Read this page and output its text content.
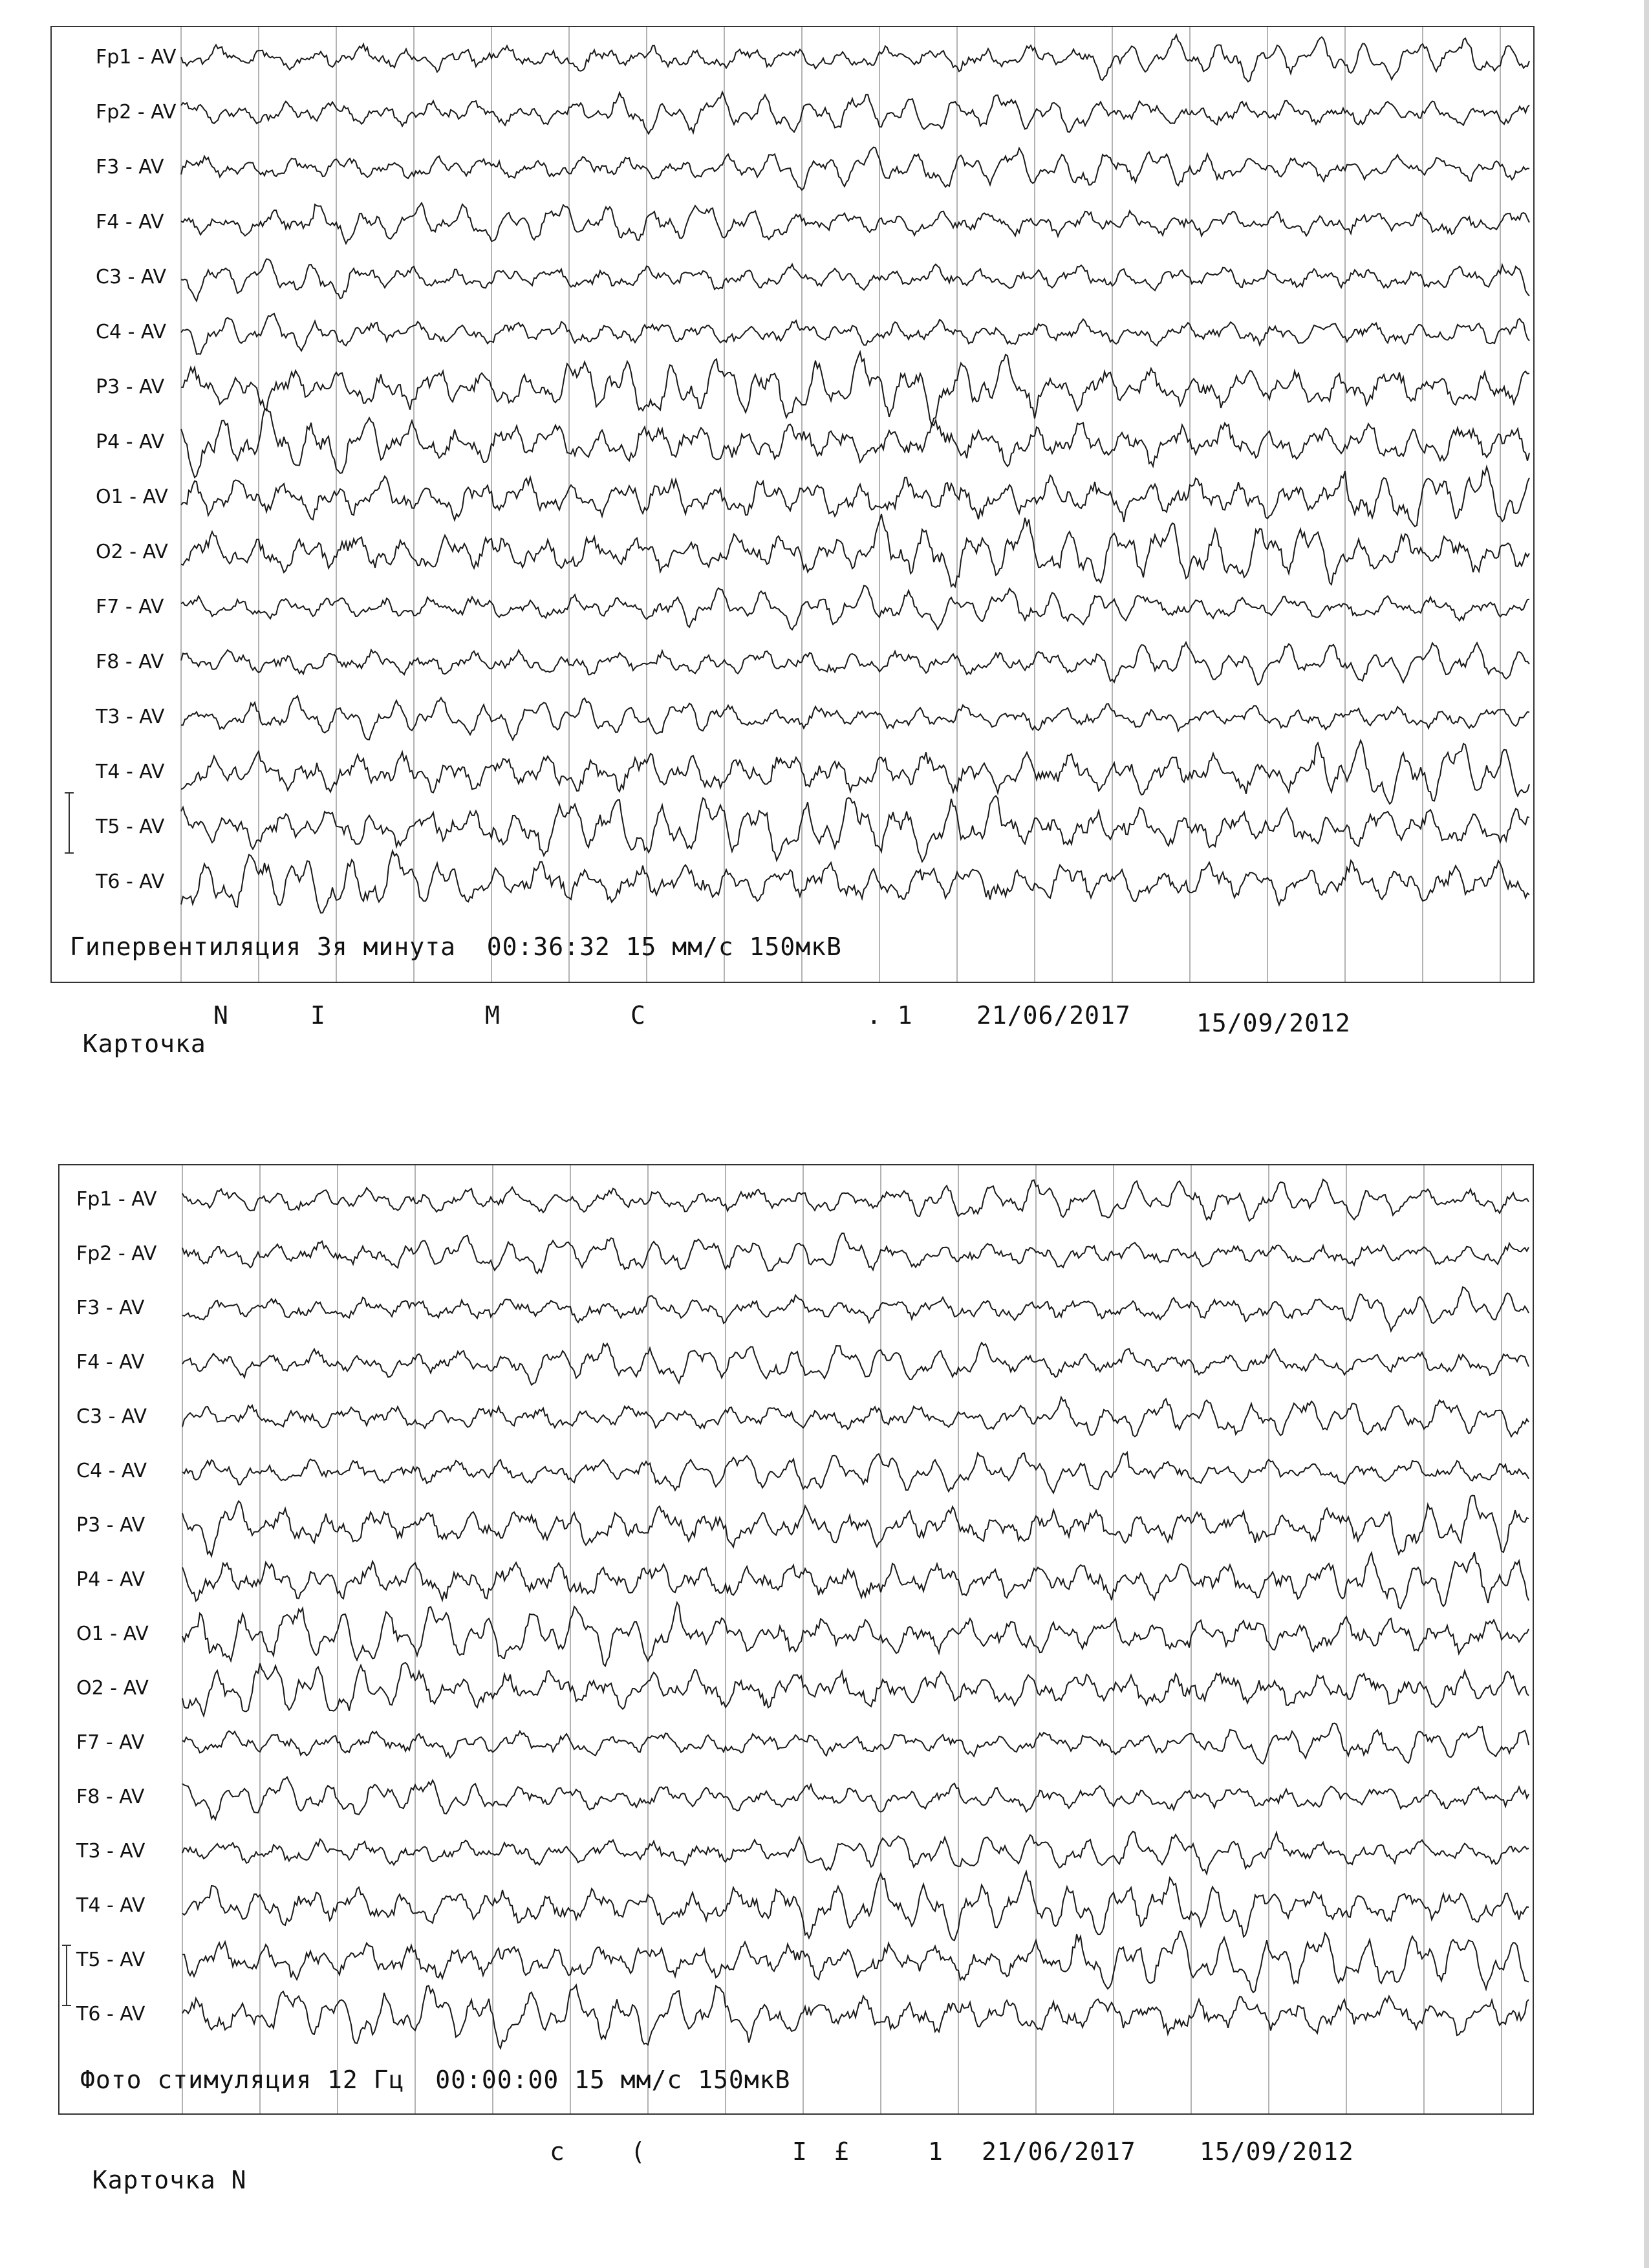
Fp1 - AV
Fp2 - AV
F3 - AV
F4 - AV
C3 - AV
C4 - AV
P3 - AV
P4 - AV
O1 - AV
O2 - AV
F7 - AV
F8 - AV
T3 - AV
T4 - AV
T5 - AV
T6 - AV
Гипервентиляция 3я минута  00:36:32 15 мм/с 150мкВ

Карточка

N	I	M	C	. 1	21/06/2017	15/09/2012
Fp1 - AV
Fp2 - AV
F3 - AV
F4 - AV
C3 - AV
C4 - AV
P3 - AV
P4 - AV
O1 - AV
O2 - AV
F7 - AV
F8 - AV
T3 - AV
T4 - AV
T5 - AV
T6 - AV
Фото стимуляция 12 Гц  00:00:00 15 мм/с 150мкВ

Карточка N

c	(	I £	1 21/06/2017	15/09/2012
